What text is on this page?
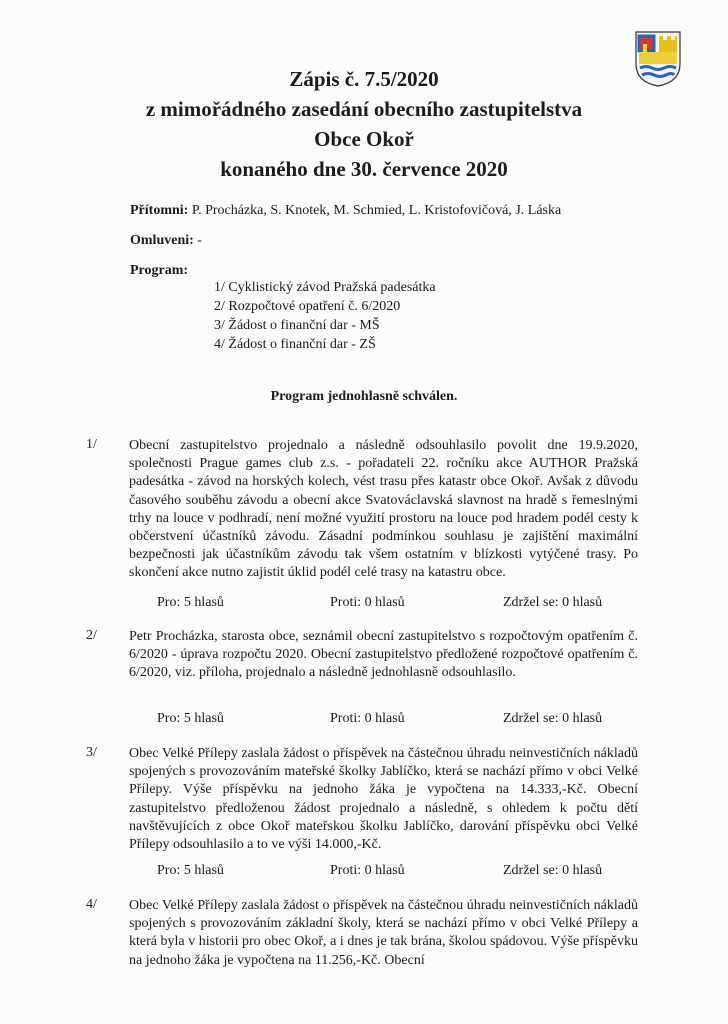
Zápis č. 7.5/2020
z mimořádného zasedání obecního zastupitelstva
Obce Okoř
konaného dne 30. července 2020
Přítomni: P. Procházka, S. Knotek, M. Schmied, L. Kristofovičová, J. Láska
Omluveni: -
Program:
1/ Cyklistický závod Pražská padesátka
2/ Rozpočtové opatření č. 6/2020
3/ Žádost o finanční dar - MŠ
4/ Žádost o finanční dar - ZŠ
Program jednohlasně schválen.
1/ Obecní zastupitelstvo projednalo a následně odsouhlasilo povolit dne 19.9.2020, společnosti Prague games club z.s. - pořadateli 22. ročníku akce AUTHOR Pražská padesátka - závod na horských kolech, vést trasu přes katastr obce Okoř. Avšak z důvodu časového souběhu závodu a obecní akce Svatováclavská slavnost na hradě s řemeslnými trhy na louce v podhradí, není možné využití prostoru na louce pod hradem podél cesty k občerstvení účastníků závodu. Zásadní podmínkou souhlasu je zajištění maximální bezpečnosti jak účastníkům závodu tak všem ostatním v blízkosti vytýčené trasy. Po skončení akce nutno zajistit úklid podél celé trasy na katastru obce.
Pro: 5 hlasů	Proti: 0 hlasů	Zdržel se: 0 hlasů
2/ Petr Procházka, starosta obce, seznámil obecní zastupitelstvo s rozpočtovým opatřením č. 6/2020 - úprava rozpočtu 2020. Obecní zastupitelstvo předložené rozpočtové opatřením č. 6/2020, viz. příloha, projednalo a následně jednohlasně odsouhlasilo.
Pro: 5 hlasů	Proti: 0 hlasů	Zdržel se: 0 hlasů
3/ Obec Velké Přílepy zaslala žádost o příspěvek na částečnou úhradu neinvestičních nákladů spojených s provozováním mateřské školky Jablíčko, která se nachází přímo v obci Velké Přílepy. Výše příspěvku na jednoho žáka je vypočtena na 14.333,-Kč. Obecní zastupitelstvo předloženou žádost projednalo a následně, s ohledem k počtu dětí navštěvujících z obce Okoř mateřskou školku Jablíčko, darování příspěvku obci Velké Přílepy odsouhlasilo a to ve výši 14.000,-Kč.
Pro: 5 hlasů	Proti: 0 hlasů	Zdržel se: 0 hlasů
4/ Obec Velké Přílepy zaslala žádost o příspěvek na částečnou úhradu neinvestičních nákladů spojených s provozováním základní školy, která se nachází přímo v obci Velké Přílepy a která byla v historii pro obec Okoř, a i dnes je tak brána, školou spádovou. Výše příspěvku na jednoho žáka je vypočtena na 11.256,-Kč. Obecní
